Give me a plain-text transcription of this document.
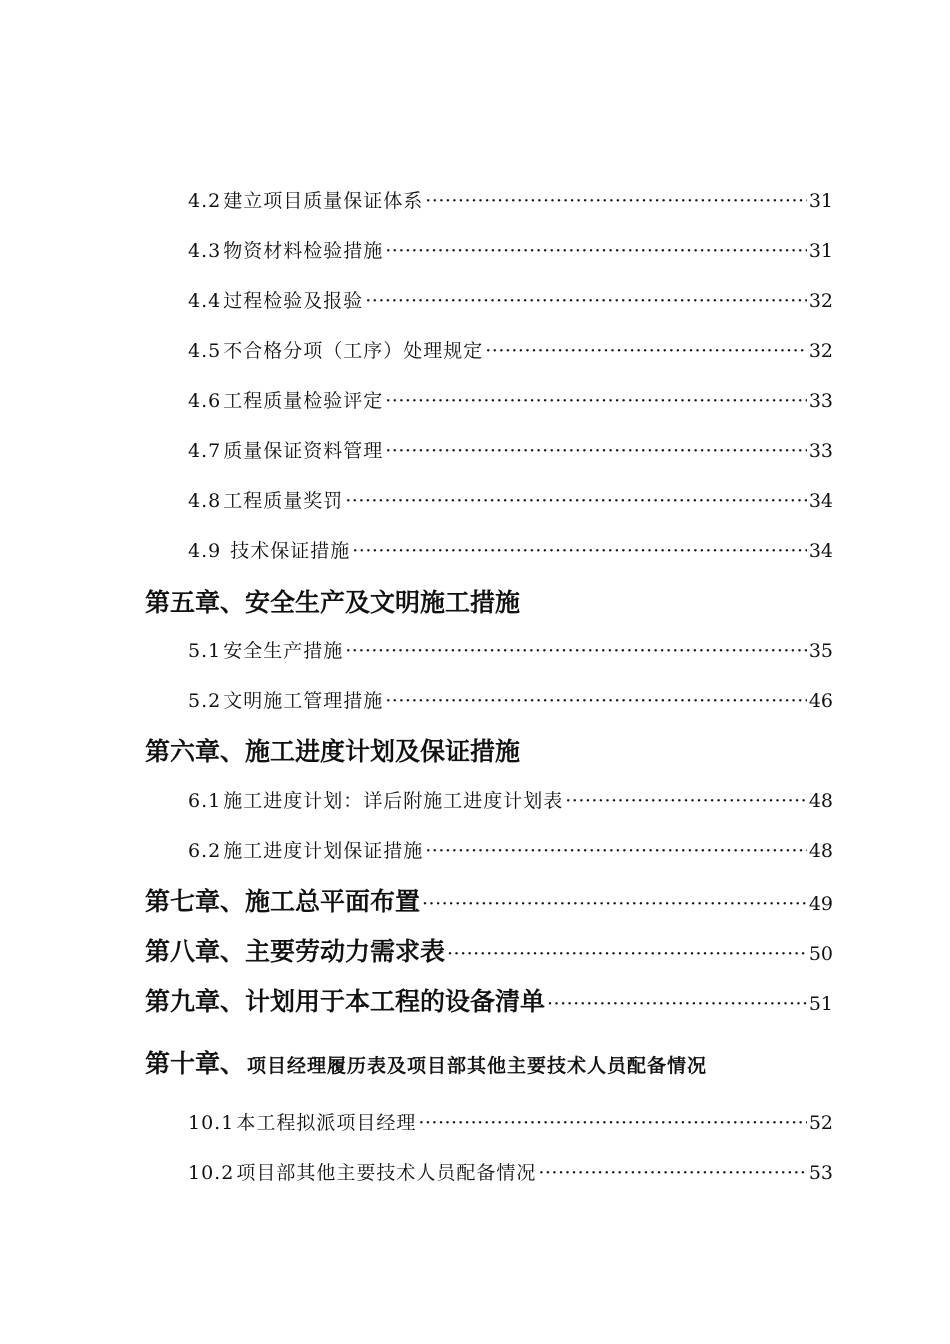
4.2 建立项目质量保证体系 ·····	31
4.3 物资材料检验措施 ·····	31
4.4 过程检验及报验 ·····	32
4.5 不合格分项（工序）处理规定 ·····	32
4.6 工程质量检验评定 ·····	33
4.7 质量保证资料管理 ·····	33
4.8 工程质量奖罚 ·····	34
4.9 技术保证措施 ·····	34
第五章、安全生产及文明施工措施
5.1 安全生产措施 ·····	35
5.2 文明施工管理措施 ·····	46
第六章、施工进度计划及保证措施
6.1 施工进度计划：详后附施工进度计划表 ·····	48
6.2 施工进度计划保证措施 ·····	48
第七章、施工总平面布置 ·····	49
第八章、主要劳动力需求表 ·····	50
第九章、计划用于本工程的设备清单 ·····	51
第十章、 项目经理履历表及项目部其他主要技术人员配备情况
10.1 本工程拟派项目经理 ·····	52
10.2 项目部其他主要技术人员配备情况 ·····	53
